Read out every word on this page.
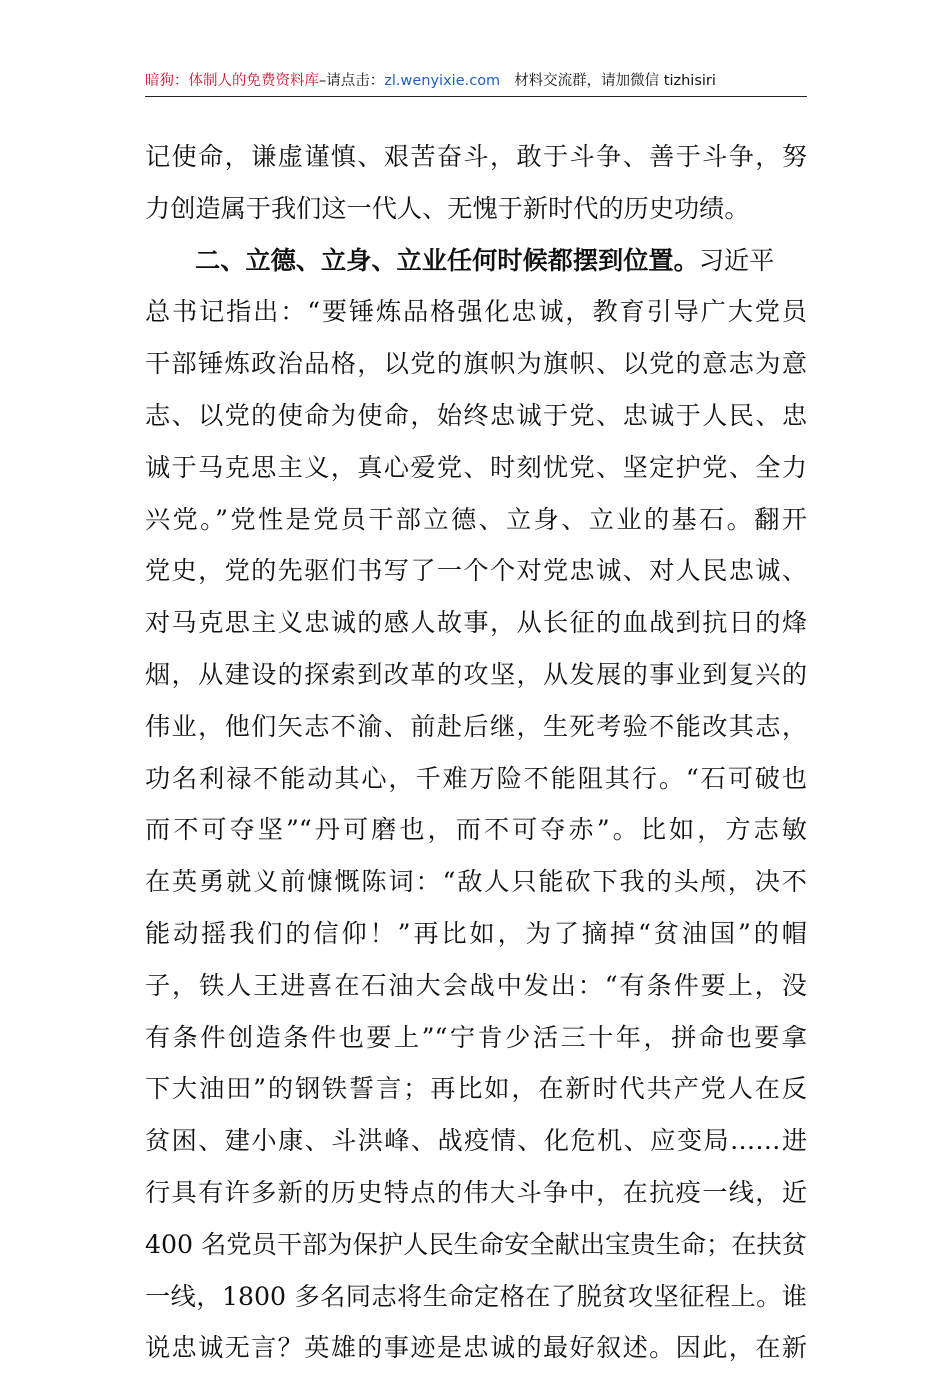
暗狗：体制人的免费资料库–请点击：zl.wenyixie.com 材料交流群，请加微信 tizhisiri
记使命，谦虚谨慎、艰苦奋斗，敢于斗争、善于斗争，努
力创造属于我们这一代人、无愧于新时代的历史功绩。
二、立德、立身、立业任何时候都摆到位置。习近平
总书记指出：“要锤炼品格强化忠诚，教育引导广大党员
干部锤炼政治品格，以党的旗帜为旗帜、以党的意志为意
志、以党的使命为使命，始终忠诚于党、忠诚于人民、忠
诚于马克思主义，真心爱党、时刻忧党、坚定护党、全力
兴党。”党性是党员干部立德、立身、立业的基石。翻开
党史，党的先驱们书写了一个个对党忠诚、对人民忠诚、
对马克思主义忠诚的感人故事，从长征的血战到抗日的烽
烟，从建设的探索到改革的攻坚，从发展的事业到复兴的
伟业，他们矢志不渝、前赴后继，生死考验不能改其志，
功名利禄不能动其心，千难万险不能阻其行。“石可破也
而不可夺坚”“丹可磨也，而不可夺赤”。比如，方志敏
在英勇就义前慷慨陈词：“敌人只能砍下我的头颅，决不
能动摇我们的信仰！”再比如，为了摘掉“贫油国”的帽
子，铁人王进喜在石油大会战中发出：“有条件要上，没
有条件创造条件也要上”“宁肯少活三十年，拼命也要拿
下大油田”的钢铁誓言；再比如，在新时代共产党人在反
贫困、建小康、斗洪峰、战疫情、化危机、应变局……进
行具有许多新的历史特点的伟大斗争中，在抗疫一线，近
400 名党员干部为保护人民生命安全献出宝贵生命；在扶贫
一线，1800 多名同志将生命定格在了脱贫攻坚征程上。谁
说忠诚无言？英雄的事迹是忠诚的最好叙述。因此，在新
